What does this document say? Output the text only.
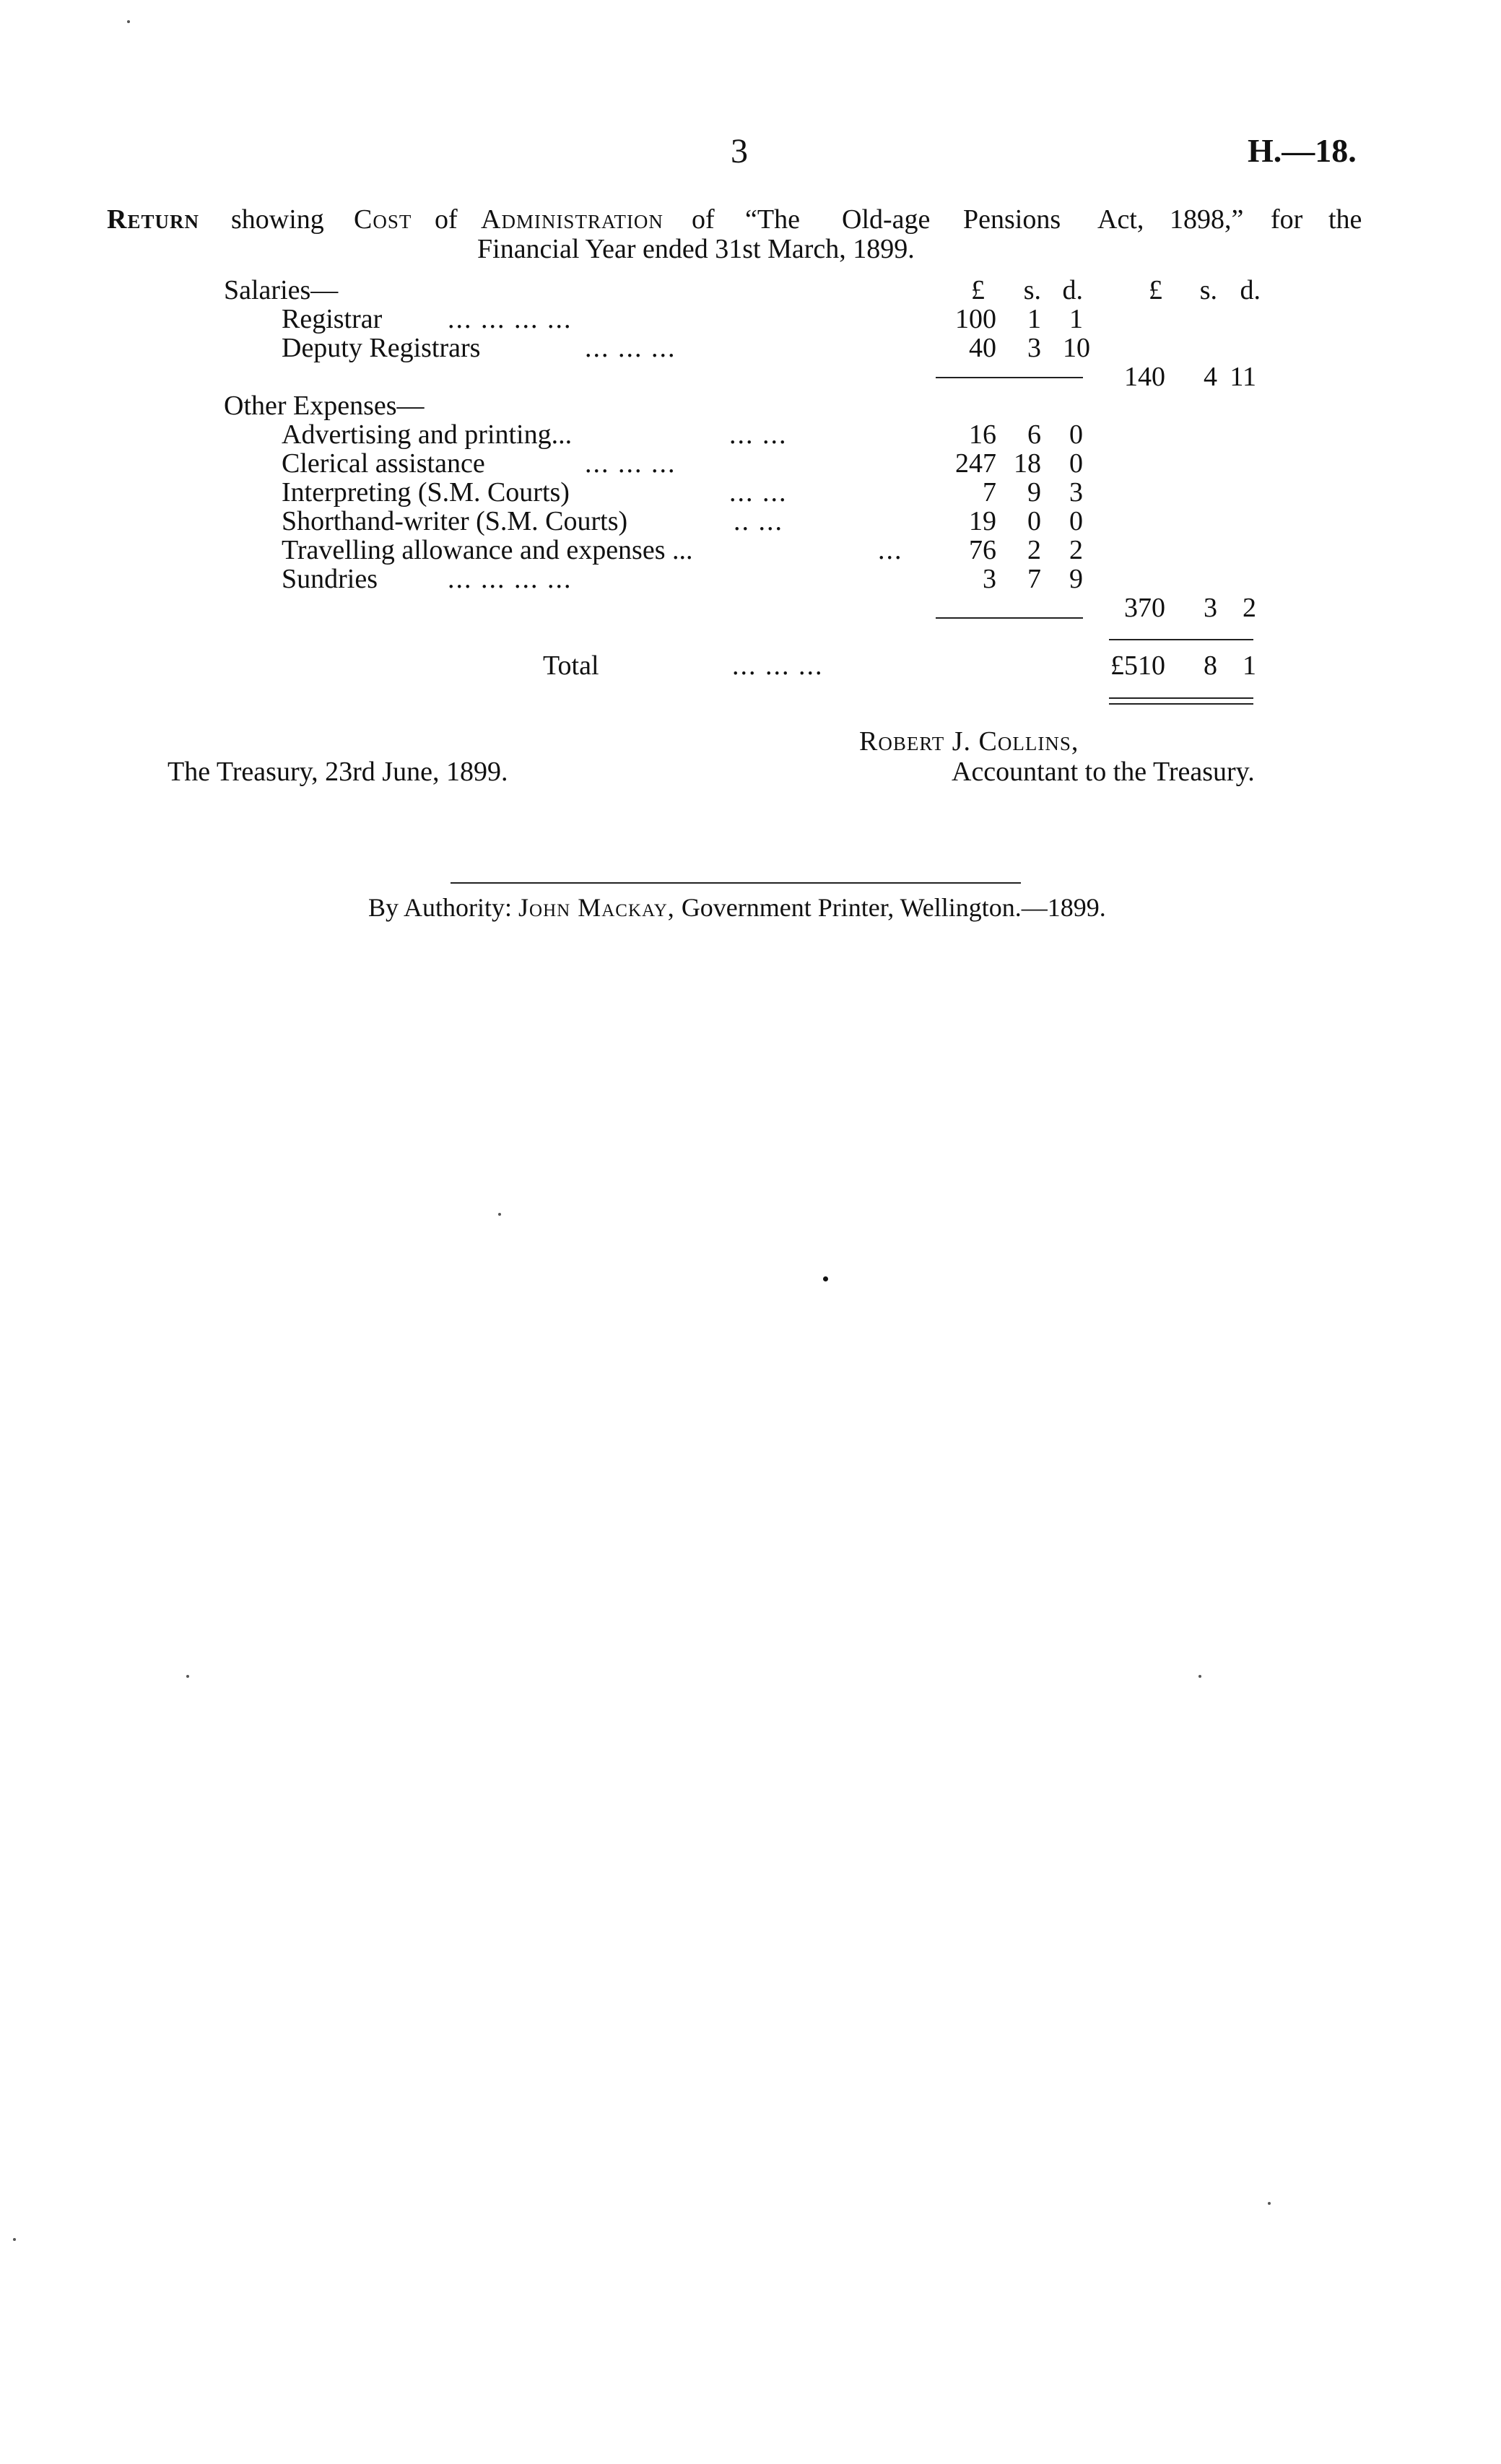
3	H.—18.
Return showing Cost of Administration of “The Old-age Pensions Act, 1898,” for the
Financial Year ended 31st March, 1899.
£	s. d.	£	s. d.
Salaries—
Registrar ... ... ... ...	100	1	1
Deputy Registrars	... ... ...	40	3 10
140	4 11
Other Expenses—
Advertising and printing...	... ...	16	6	0
Clerical assistance	... ... ...	247 18	0
Interpreting (S.M. Courts)	... ...	7	9	3
Shorthand-writer (S.M. Courts)	.. ...	19	0	0
Travelling allowance and expenses ...	...	76	2	2
Sundries	... ... ... ...	3	7	9
370	3 2
Total	... ... ...	£510	8 1
Robert J. Collins,
The Treasury, 23rd June, 1899.	Accountant to the Treasury.
By Authority: John Mackay, Government Printer, Wellington.—1899.
